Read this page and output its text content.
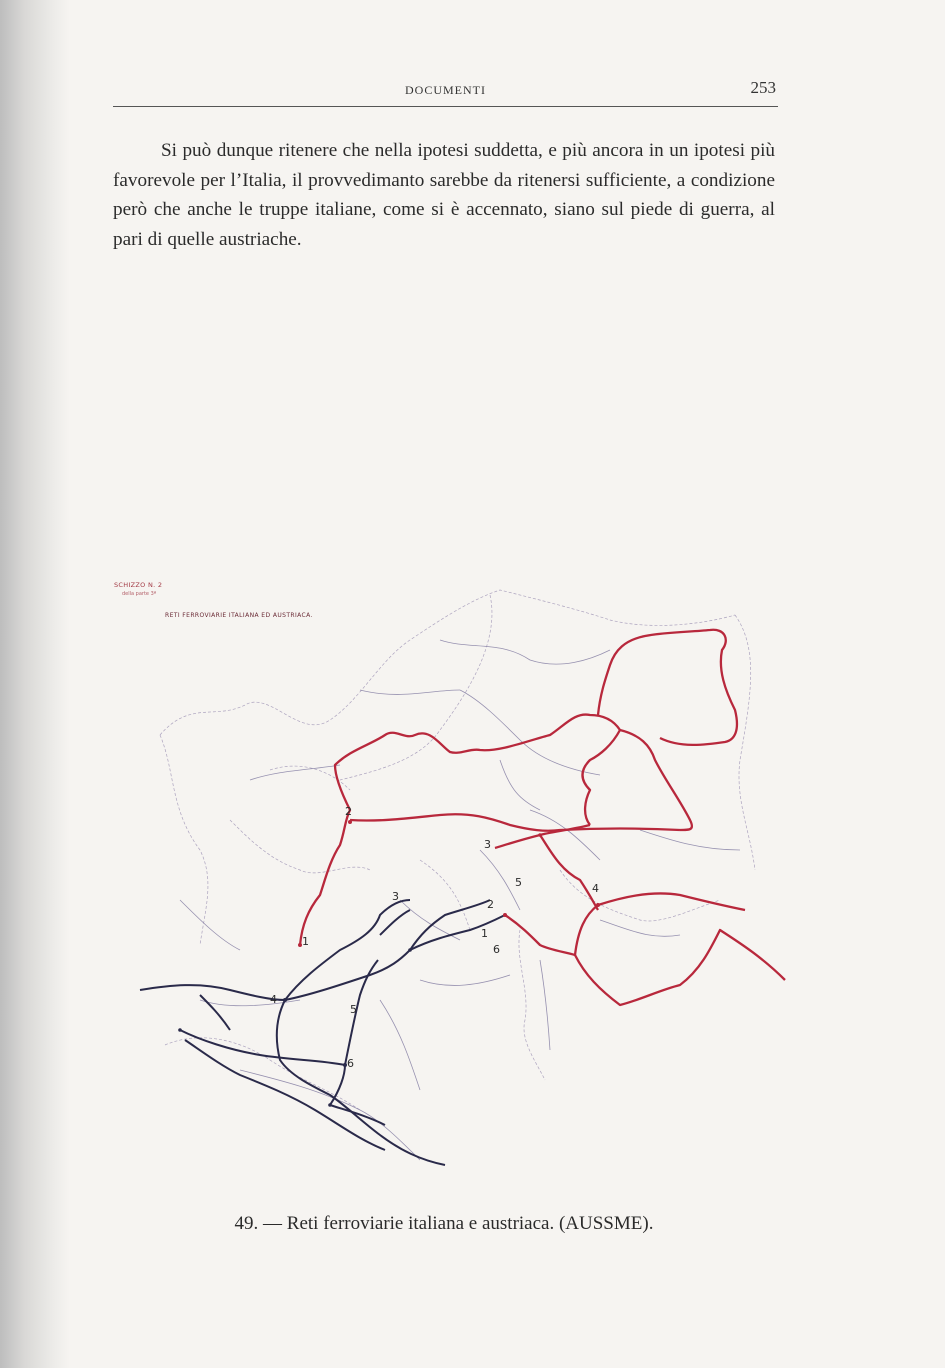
DOCUMENTI	253

Si può dunque ritenere che nella ipotesi suddetta, e più ancora in un ipotesi più favorevole per l’Italia, il provvedimanto sarebbe da ritenersi sufficiente, a condizione però che anche le truppe italiane, come si è accennato, siano sul piede di guerra, al pari di quelle austriache.

SCHIZZO N. 2
della parte 3ª
RETI FERROVIARIE ITALIANA ED AUSTRIACA.
1
2
3
4
5
6
1
2
3
4
5
6
49. — Reti ferroviarie italiana e austriaca. (AUSSME).
